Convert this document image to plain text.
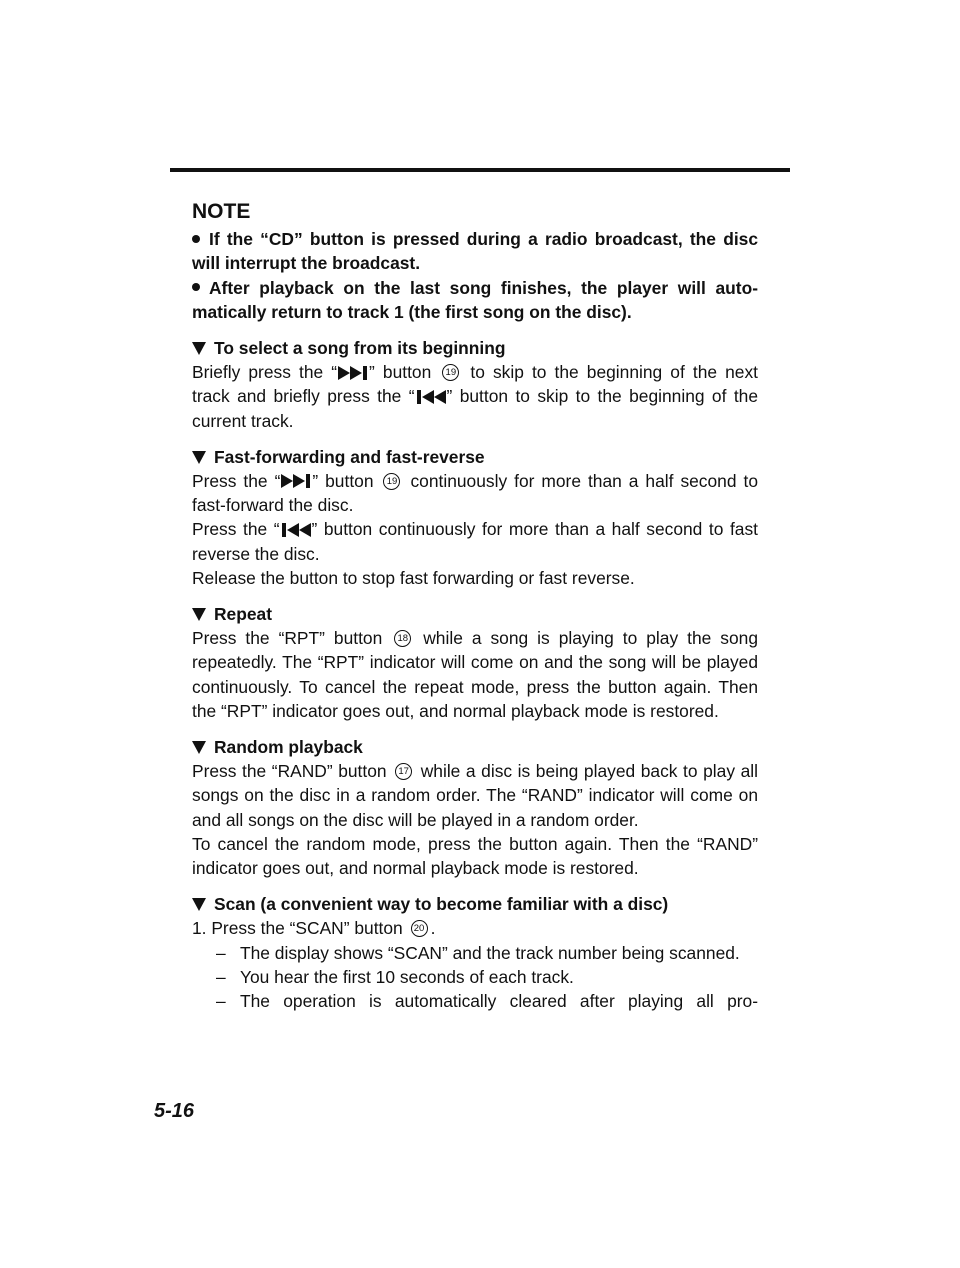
NOTE

If the “CD” button is pressed during a radio broadcast, the disc will interrupt the broadcast.

After playback on the last song finishes, the player will auto-matically return to track 1 (the first song on the disc).

To select a song from its beginning

Briefly press the “ ” button 19 to skip to the beginning of the next track and briefly press the “ ” button to skip to the beginning of the current track.

Fast-forwarding and fast-reverse

Press the “ ” button 19 continuously for more than a half second to fast-forward the disc.

Press the “ ” button continuously for more than a half second to fast reverse the disc.

Release the button to stop fast forwarding or fast reverse.

Repeat

Press the “RPT” button 18 while a song is playing to play the song repeatedly. The “RPT” indicator will come on and the song will be played continuously. To cancel the repeat mode, press the button again. Then the “RPT” indicator goes out, and normal playback mode is restored.

Random playback

Press the “RAND” button 17 while a disc is being played back to play all songs on the disc in a random order. The “RAND” indicator will come on and all songs on the disc will be played in a random order.

To cancel the random mode, press the button again. Then the “RAND” indicator goes out, and normal playback mode is restored.

Scan (a convenient way to become familiar with a disc)

1. Press the “SCAN” button 20 .

– The display shows “SCAN” and the track number being scanned.

– You hear the first 10 seconds of each track.

– The operation is automatically cleared after playing all pro-

5-16
